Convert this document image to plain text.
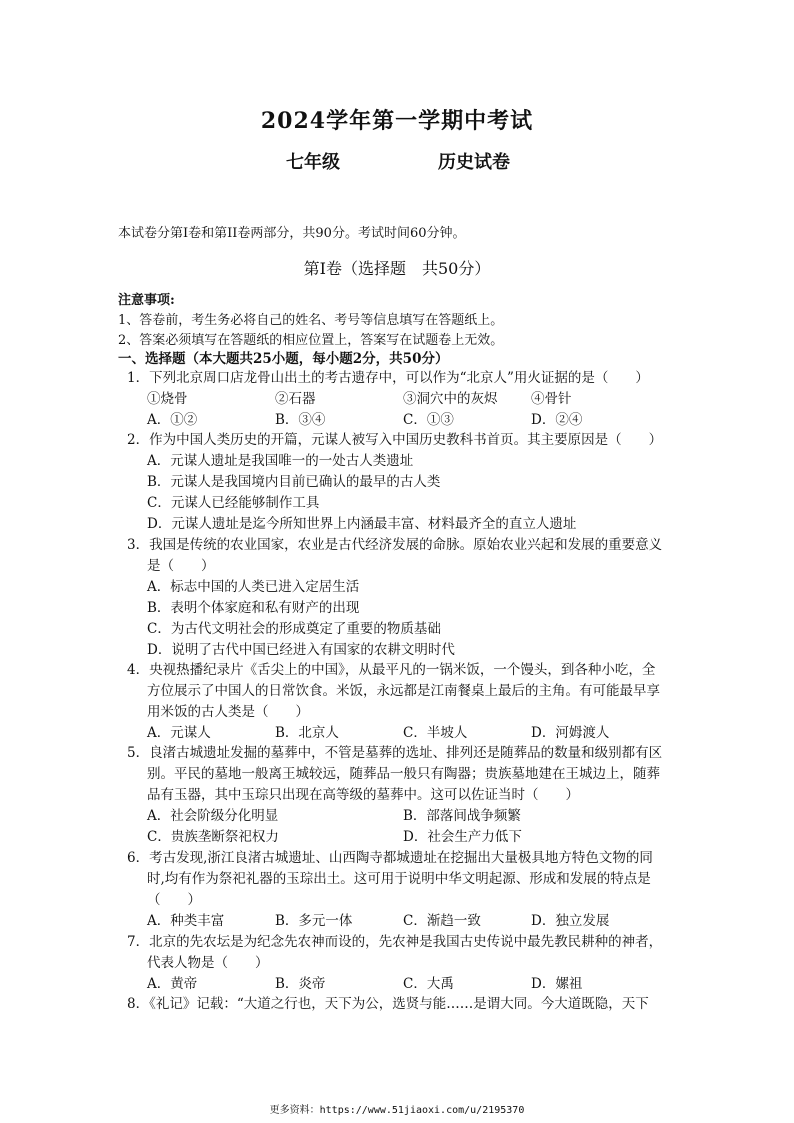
2024学年第一学期中考试
七年级	历史试卷
本试卷分第I卷和第II卷两部分，共90分。考试时间60分钟。
第I卷（选择题　共50分）
注意事项:
1、答卷前，考生务必将自己的姓名、考号等信息填写在答题纸上。
2、答案必须填写在答题纸的相应位置上，答案写在试题卷上无效。
一、选择题（本大题共25小题，每小题2分，共50分）
1．下列北京周口店龙骨山出土的考古遗存中，可以作为“北京人”用火证据的是（　　）
①烧骨	②石器	③洞穴中的灰烬 ④骨针
A．①②	B．③④	C．①③	D．②④
2．作为中国人类历史的开篇，元谋人被写入中国历史教科书首页。其主要原因是（　　）
A．元谋人遗址是我国唯一的一处古人类遗址
B．元谋人是我国境内目前已确认的最早的古人类
C．元谋人已经能够制作工具
D．元谋人遗址是迄今所知世界上内涵最丰富、材料最齐全的直立人遗址
3．我国是传统的农业国家，农业是古代经济发展的命脉。原始农业兴起和发展的重要意义
是（　　）
A．标志中国的人类已进入定居生活
B．表明个体家庭和私有财产的出现
C．为古代文明社会的形成奠定了重要的物质基础
D．说明了古代中国已经进入有国家的农耕文明时代
4．央视热播纪录片《舌尖上的中国》，从最平凡的一锅米饭，一个馒头，到各种小吃，全
方位展示了中国人的日常饮食。米饭，永远都是江南餐桌上最后的主角。有可能最早享
用米饭的古人类是（　　）
A．元谋人	B．北京人	C．半坡人	D．河姆渡人
5．良渚古城遗址发掘的墓葬中，不管是墓葬的选址、排列还是随葬品的数量和级别都有区
别。平民的墓地一般离王城较远，随葬品一般只有陶器；贵族墓地建在王城边上，随葬
品有玉器，其中玉琮只出现在高等级的墓葬中。这可以佐证当时（　　）
A．社会阶级分化明显	B．部落间战争频繁
C．贵族垄断祭祀权力	D．社会生产力低下
6．考古发现,浙江良渚古城遗址、山西陶寺都城遗址在挖掘出大量极具地方特色文物的同
时,均有作为祭祀礼器的玉琮出土。这可用于说明中华文明起源、形成和发展的特点是
（　　）
A．种类丰富	B．多元一体	C．渐趋一致	D．独立发展
7．北京的先农坛是为纪念先农神而设的，先农神是我国古史传说中最先教民耕种的神者，
代表人物是（　　）
A．黄帝	B．炎帝	C．大禹	D．嫘祖
8．《礼记》记载：“大道之行也，天下为公，选贤与能……是谓大同。今大道既隐，天下
更多资料：https://www.51jiaoxi.com/u/2195370
